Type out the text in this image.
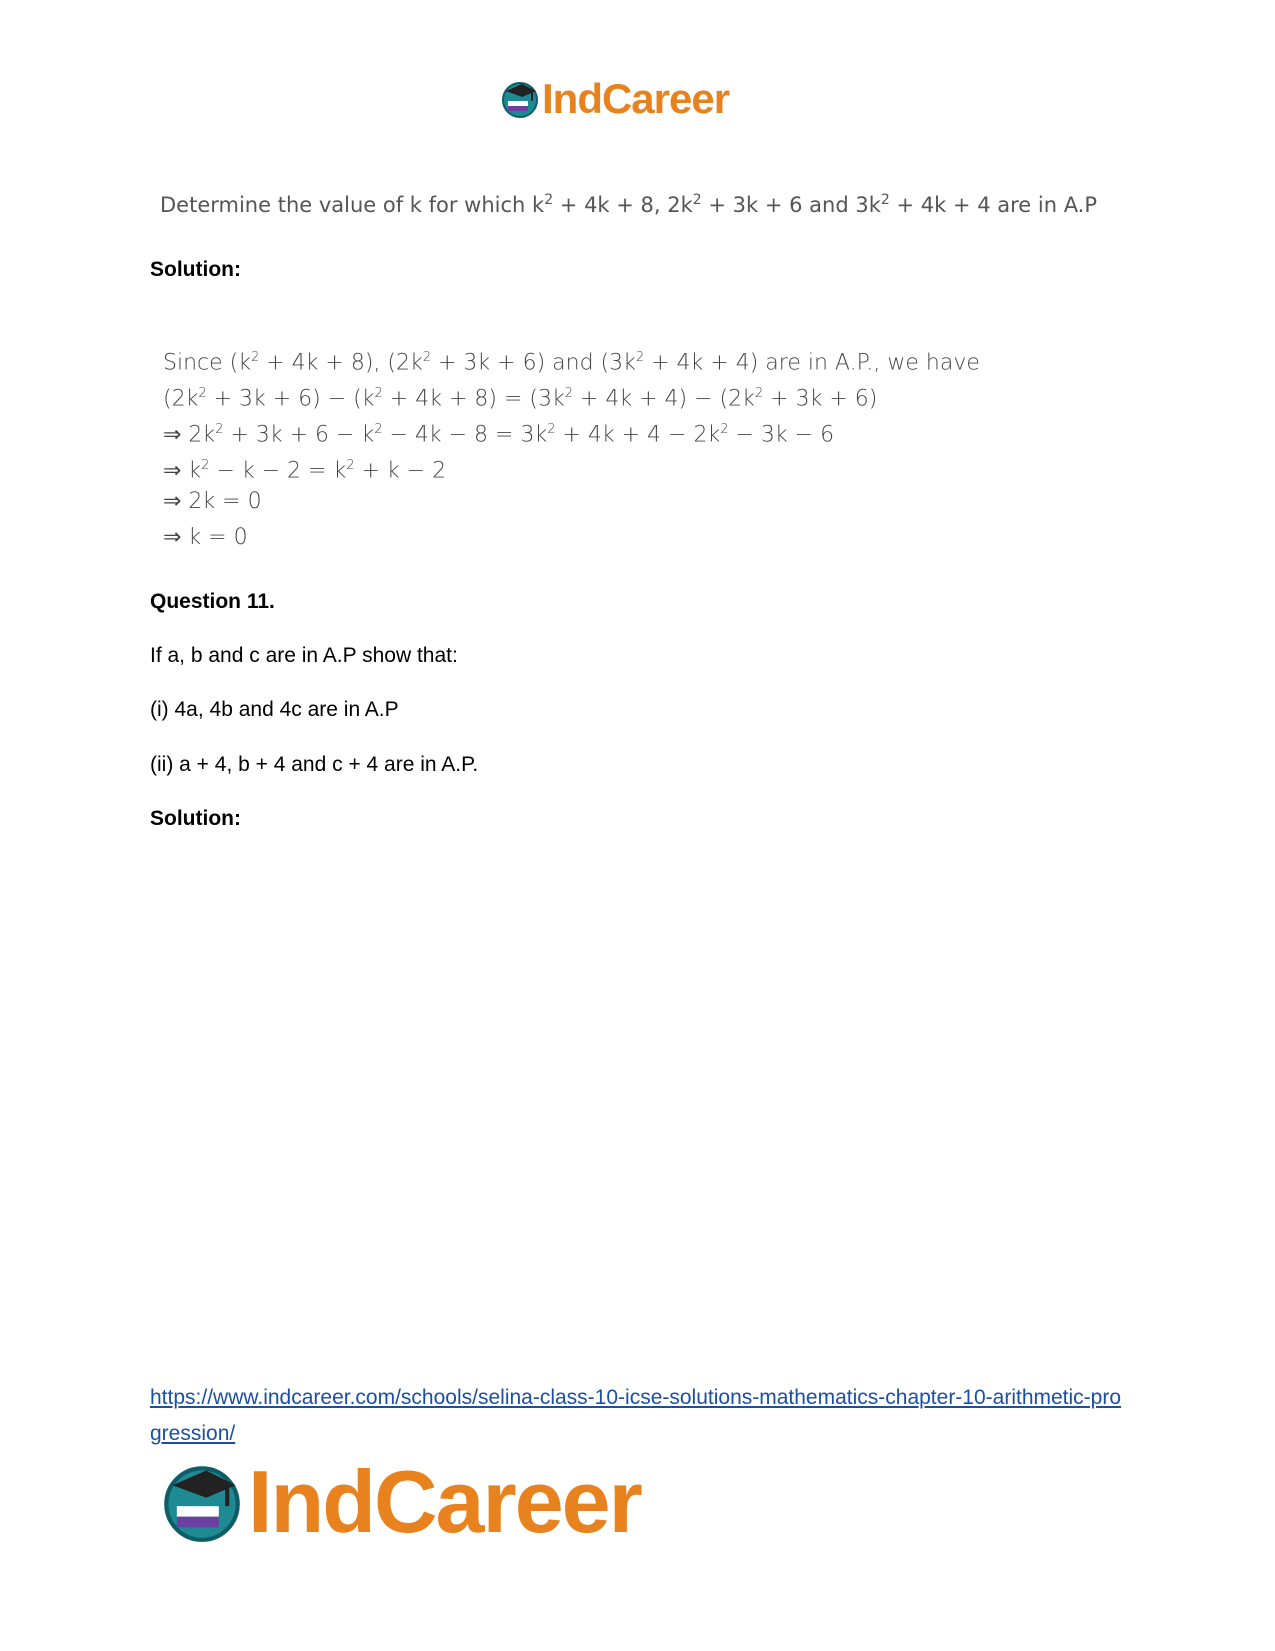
IndCareer
Determine the value of k for which $k^2 + 4k + 8$, $2k^2 + 3k + 6$ and $3k^2 + 4k + 4$ are in A.P
Solution:
Since $(k^2 + 4k + 8)$, $(2k^2 + 3k + 6)$ and $(3k^2 + 4k + 4)$ are in A.P., we have
$(2k^2 + 3k + 6) - (k^2 + 4k + 8) = (3k^2 + 4k + 4) - (2k^2 + 3k + 6)$
⇒ $2k^2 + 3k + 6 - k^2 - 4k - 8 = 3k^2 + 4k + 4 - 2k^2 - 3k - 6$
⇒ $k^2 - k - 2 = k^2 + k - 2$
⇒ 2k = 0
⇒ k = 0
Question 11.
If a, b and c are in A.P show that:
(i) 4a, 4b and 4c are in A.P
(ii) a + 4, b + 4 and c + 4 are in A.P.
Solution:
https://www.indcareer.com/schools/selina-class-10-icse-solutions-mathematics-chapter-10-arithmetic-progression/
IndCareer
